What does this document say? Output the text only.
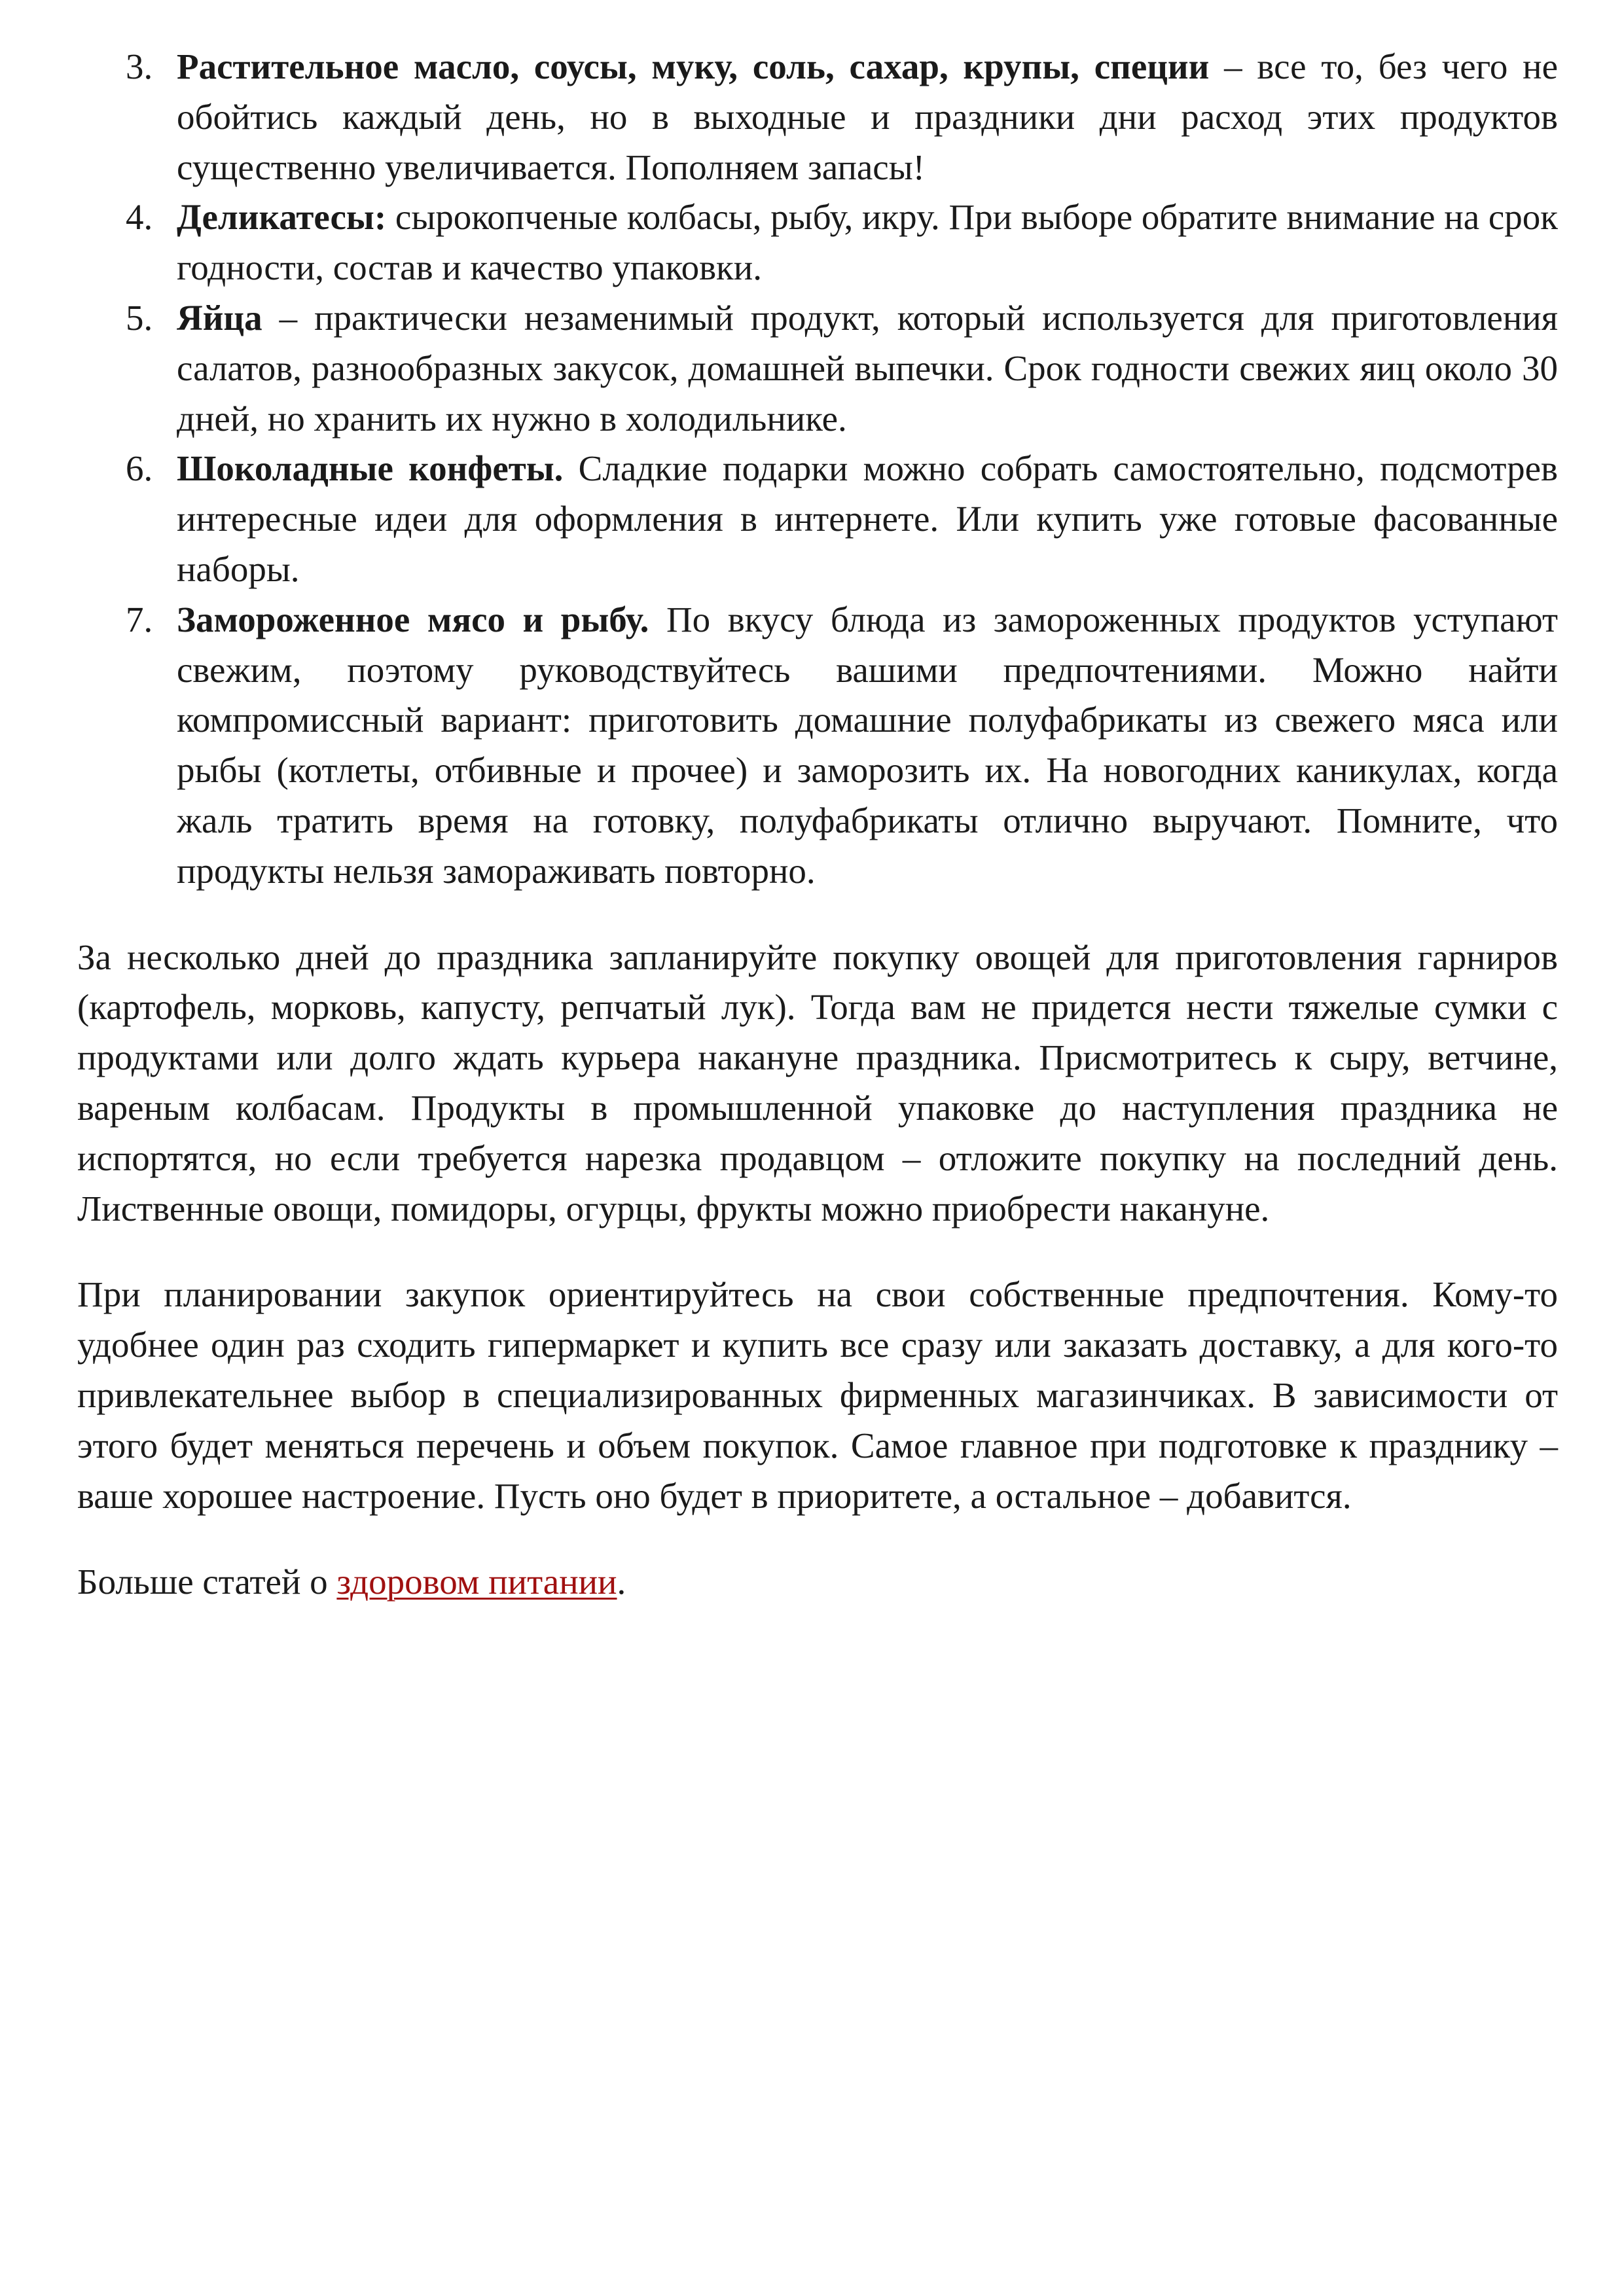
3. Растительное масло, соусы, муку, соль, сахар, крупы, специи – все то, без чего не обойтись каждый день, но в выходные и праздники дни расход этих продуктов существенно увеличивается. Пополняем запасы!
4. Деликатесы: сырокопченые колбасы, рыбу, икру. При выборе обратите внимание на срок годности, состав и качество упаковки.
5. Яйца – практически незаменимый продукт, который используется для приготовления салатов, разнообразных закусок, домашней выпечки. Срок годности свежих яиц около 30 дней, но хранить их нужно в холодильнике.
6. Шоколадные конфеты. Сладкие подарки можно собрать самостоятельно, подсмотрев интересные идеи для оформления в интернете. Или купить уже готовые фасованные наборы.
7. Замороженное мясо и рыбу. По вкусу блюда из замороженных продуктов уступают свежим, поэтому руководствуйтесь вашими предпочтениями. Можно найти компромиссный вариант: приготовить домашние полуфабрикаты из свежего мяса или рыбы (котлеты, отбивные и прочее) и заморозить их. На новогодних каникулах, когда жаль тратить время на готовку, полуфабрикаты отлично выручают. Помните, что продукты нельзя замораживать повторно.

За несколько дней до праздника запланируйте покупку овощей для приготовления гарниров (картофель, морковь, капусту, репчатый лук). Тогда вам не придется нести тяжелые сумки с продуктами или долго ждать курьера накануне праздника. Присмотритесь к сыру, ветчине, вареным колбасам. Продукты в промышленной упаковке до наступления праздника не испортятся, но если требуется нарезка продавцом – отложите покупку на последний день. Лиственные овощи, помидоры, огурцы, фрукты можно приобрести накануне.

При планировании закупок ориентируйтесь на свои собственные предпочтения. Кому-то удобнее один раз сходить гипермаркет и купить все сразу или заказать доставку, а для кого-то привлекательнее выбор в специализированных фирменных магазинчиках. В зависимости от этого будет меняться перечень и объем покупок. Самое главное при подготовке к празднику – ваше хорошее настроение. Пусть оно будет в приоритете, а остальное – добавится.

Больше статей о здоровом питании.
